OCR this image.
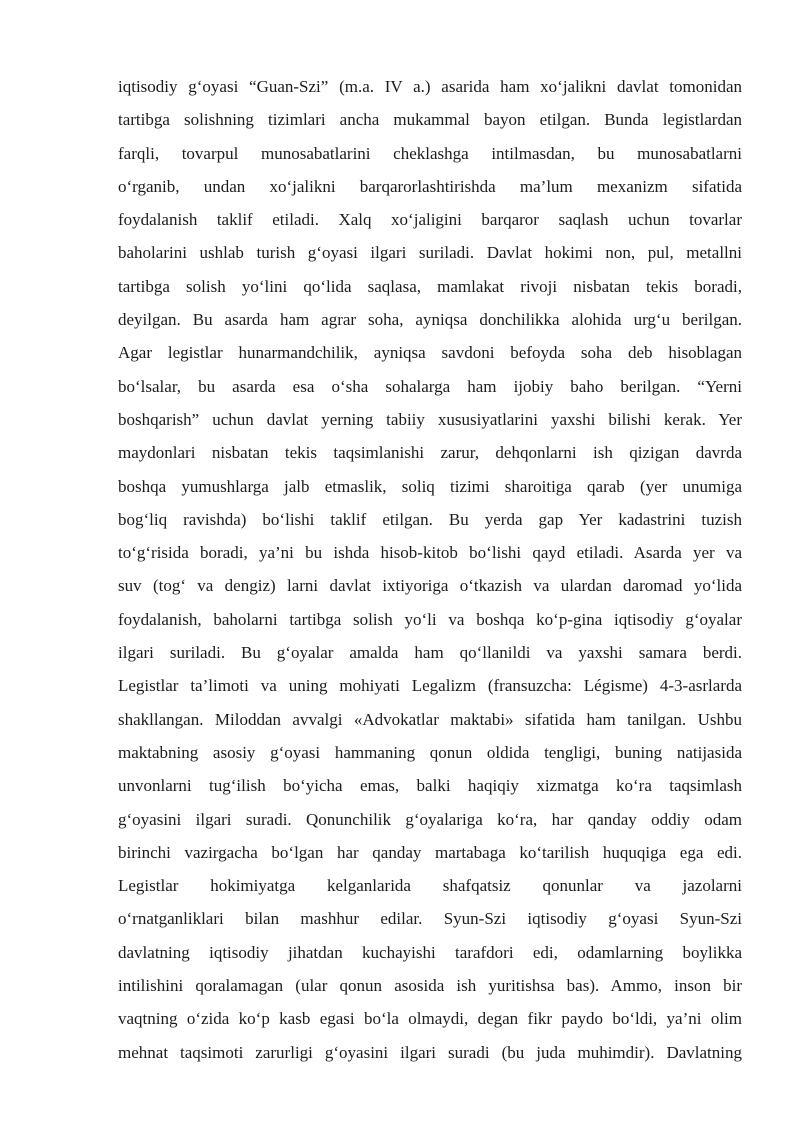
iqtisodiy g‘oyasi “Guan-Szi” (m.a. IV a.) asarida ham xo‘jalikni davlat tomonidan
tartibga solishning tizimlari ancha mukammal bayon etilgan. Bunda legistlardan
farqli, tovarpul munosabatlarini cheklashga intilmasdan, bu munosabatlarni
o‘rganib, undan xo‘jalikni barqarorlashtirishda ma’lum mexanizm sifatida
foydalanish taklif etiladi. Xalq xo‘jaligini barqaror saqlash uchun tovarlar
baholarini ushlab turish g‘oyasi ilgari suriladi. Davlat hokimi non, pul, metallni
tartibga solish yo‘lini qo‘lida saqlasa, mamlakat rivoji nisbatan tekis boradi,
deyilgan. Bu asarda ham agrar soha, ayniqsa donchilikka alohida urg‘u berilgan.
Agar legistlar hunarmandchilik, ayniqsa savdoni befoyda soha deb hisoblagan
bo‘lsalar, bu asarda esa o‘sha sohalarga ham ijobiy baho berilgan. “Yerni
boshqarish” uchun davlat yerning tabiiy xususiyatlarini yaxshi bilishi kerak. Yer
maydonlari nisbatan tekis taqsimlanishi zarur, dehqonlarni ish qizigan davrda
boshqa yumushlarga jalb etmaslik, soliq tizimi sharoitiga qarab (yer unumiga
bog‘liq ravishda) bo‘lishi taklif etilgan. Bu yerda gap Yer kadastrini tuzish
to‘g‘risida boradi, ya’ni bu ishda hisob-kitob bo‘lishi qayd etiladi. Asarda yer va
suv (tog‘ va dengiz) larni davlat ixtiyoriga o‘tkazish va ulardan daromad yo‘lida
foydalanish, baholarni tartibga solish yo‘li va boshqa ko‘p-gina iqtisodiy g‘oyalar
ilgari suriladi. Bu g‘oyalar amalda ham qo‘llanildi va yaxshi samara berdi.
Legistlar ta’limoti va uning mohiyati Legalizm (fransuzcha: Légisme) 4-3-asrlarda
shakllangan. Miloddan avvalgi «Advokatlar maktabi» sifatida ham tanilgan. Ushbu
maktabning asosiy g‘oyasi hammaning qonun oldida tengligi, buning natijasida
unvonlarni tug‘ilish bo‘yicha emas, balki haqiqiy xizmatga ko‘ra taqsimlash
g‘oyasini ilgari suradi. Qonunchilik g‘oyalariga ko‘ra, har qanday oddiy odam
birinchi vazirgacha bo‘lgan har qanday martabaga ko‘tarilish huquqiga ega edi.
Legistlar hokimiyatga kelganlarida shafqatsiz qonunlar va jazolarni
o‘rnatganliklari bilan mashhur edilar. Syun-Szi iqtisodiy g‘oyasi Syun-Szi
davlatning iqtisodiy jihatdan kuchayishi tarafdori edi, odamlarning boylikka
intilishini qoralamagan (ular qonun asosida ish yuritishsa bas). Ammo, inson bir
vaqtning o‘zida ko‘p kasb egasi bo‘la olmaydi, degan fikr paydo bo‘ldi, ya’ni olim
mehnat taqsimoti zarurligi g‘oyasini ilgari suradi (bu juda muhimdir). Davlatning
